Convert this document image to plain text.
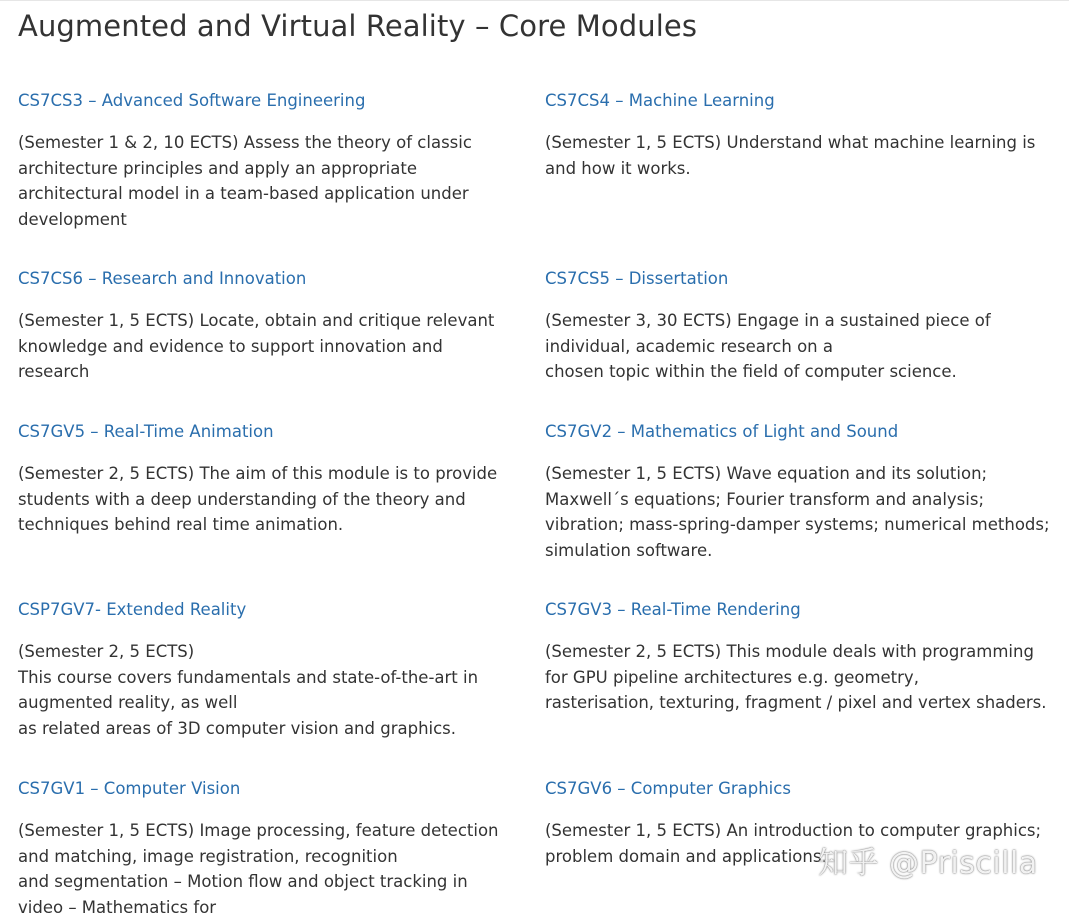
Augmented and Virtual Reality – Core Modules
CS7CS3 – Advanced Software Engineering
(Semester 1 & 2, 10 ECTS) Assess the theory of classic
architecture principles and apply an appropriate
architectural model in a team-based application under
development
CS7CS4 – Machine Learning
(Semester 1, 5 ECTS) Understand what machine learning is
and how it works.
CS7CS6 – Research and Innovation
(Semester 1, 5 ECTS) Locate, obtain and critique relevant
knowledge and evidence to support innovation and
research
CS7CS5 – Dissertation
(Semester 3, 30 ECTS) Engage in a sustained piece of
individual, academic research on a
chosen topic within the field of computer science.
CS7GV5 – Real-Time Animation
(Semester 2, 5 ECTS) The aim of this module is to provide
students with a deep understanding of the theory and
techniques behind real time animation.
CS7GV2 – Mathematics of Light and Sound
(Semester 1, 5 ECTS) Wave equation and its solution;
Maxwell´s equations; Fourier transform and analysis;
vibration; mass-spring-damper systems; numerical methods;
simulation software.
CSP7GV7- Extended Reality
(Semester 2, 5 ECTS)
This course covers fundamentals and state-of-the-art in
augmented reality, as well
as related areas of 3D computer vision and graphics.
CS7GV3 – Real-Time Rendering
(Semester 2, 5 ECTS) This module deals with programming
for GPU pipeline architectures e.g. geometry,
rasterisation, texturing, fragment / pixel and vertex shaders.
CS7GV1 – Computer Vision
(Semester 1, 5 ECTS) Image processing, feature detection
and matching, image registration, recognition
and segmentation – Motion flow and object tracking in
video – Mathematics for
CS7GV6 – Computer Graphics
(Semester 1, 5 ECTS) An introduction to computer graphics;
problem domain and applications.
知乎 @Priscilla
